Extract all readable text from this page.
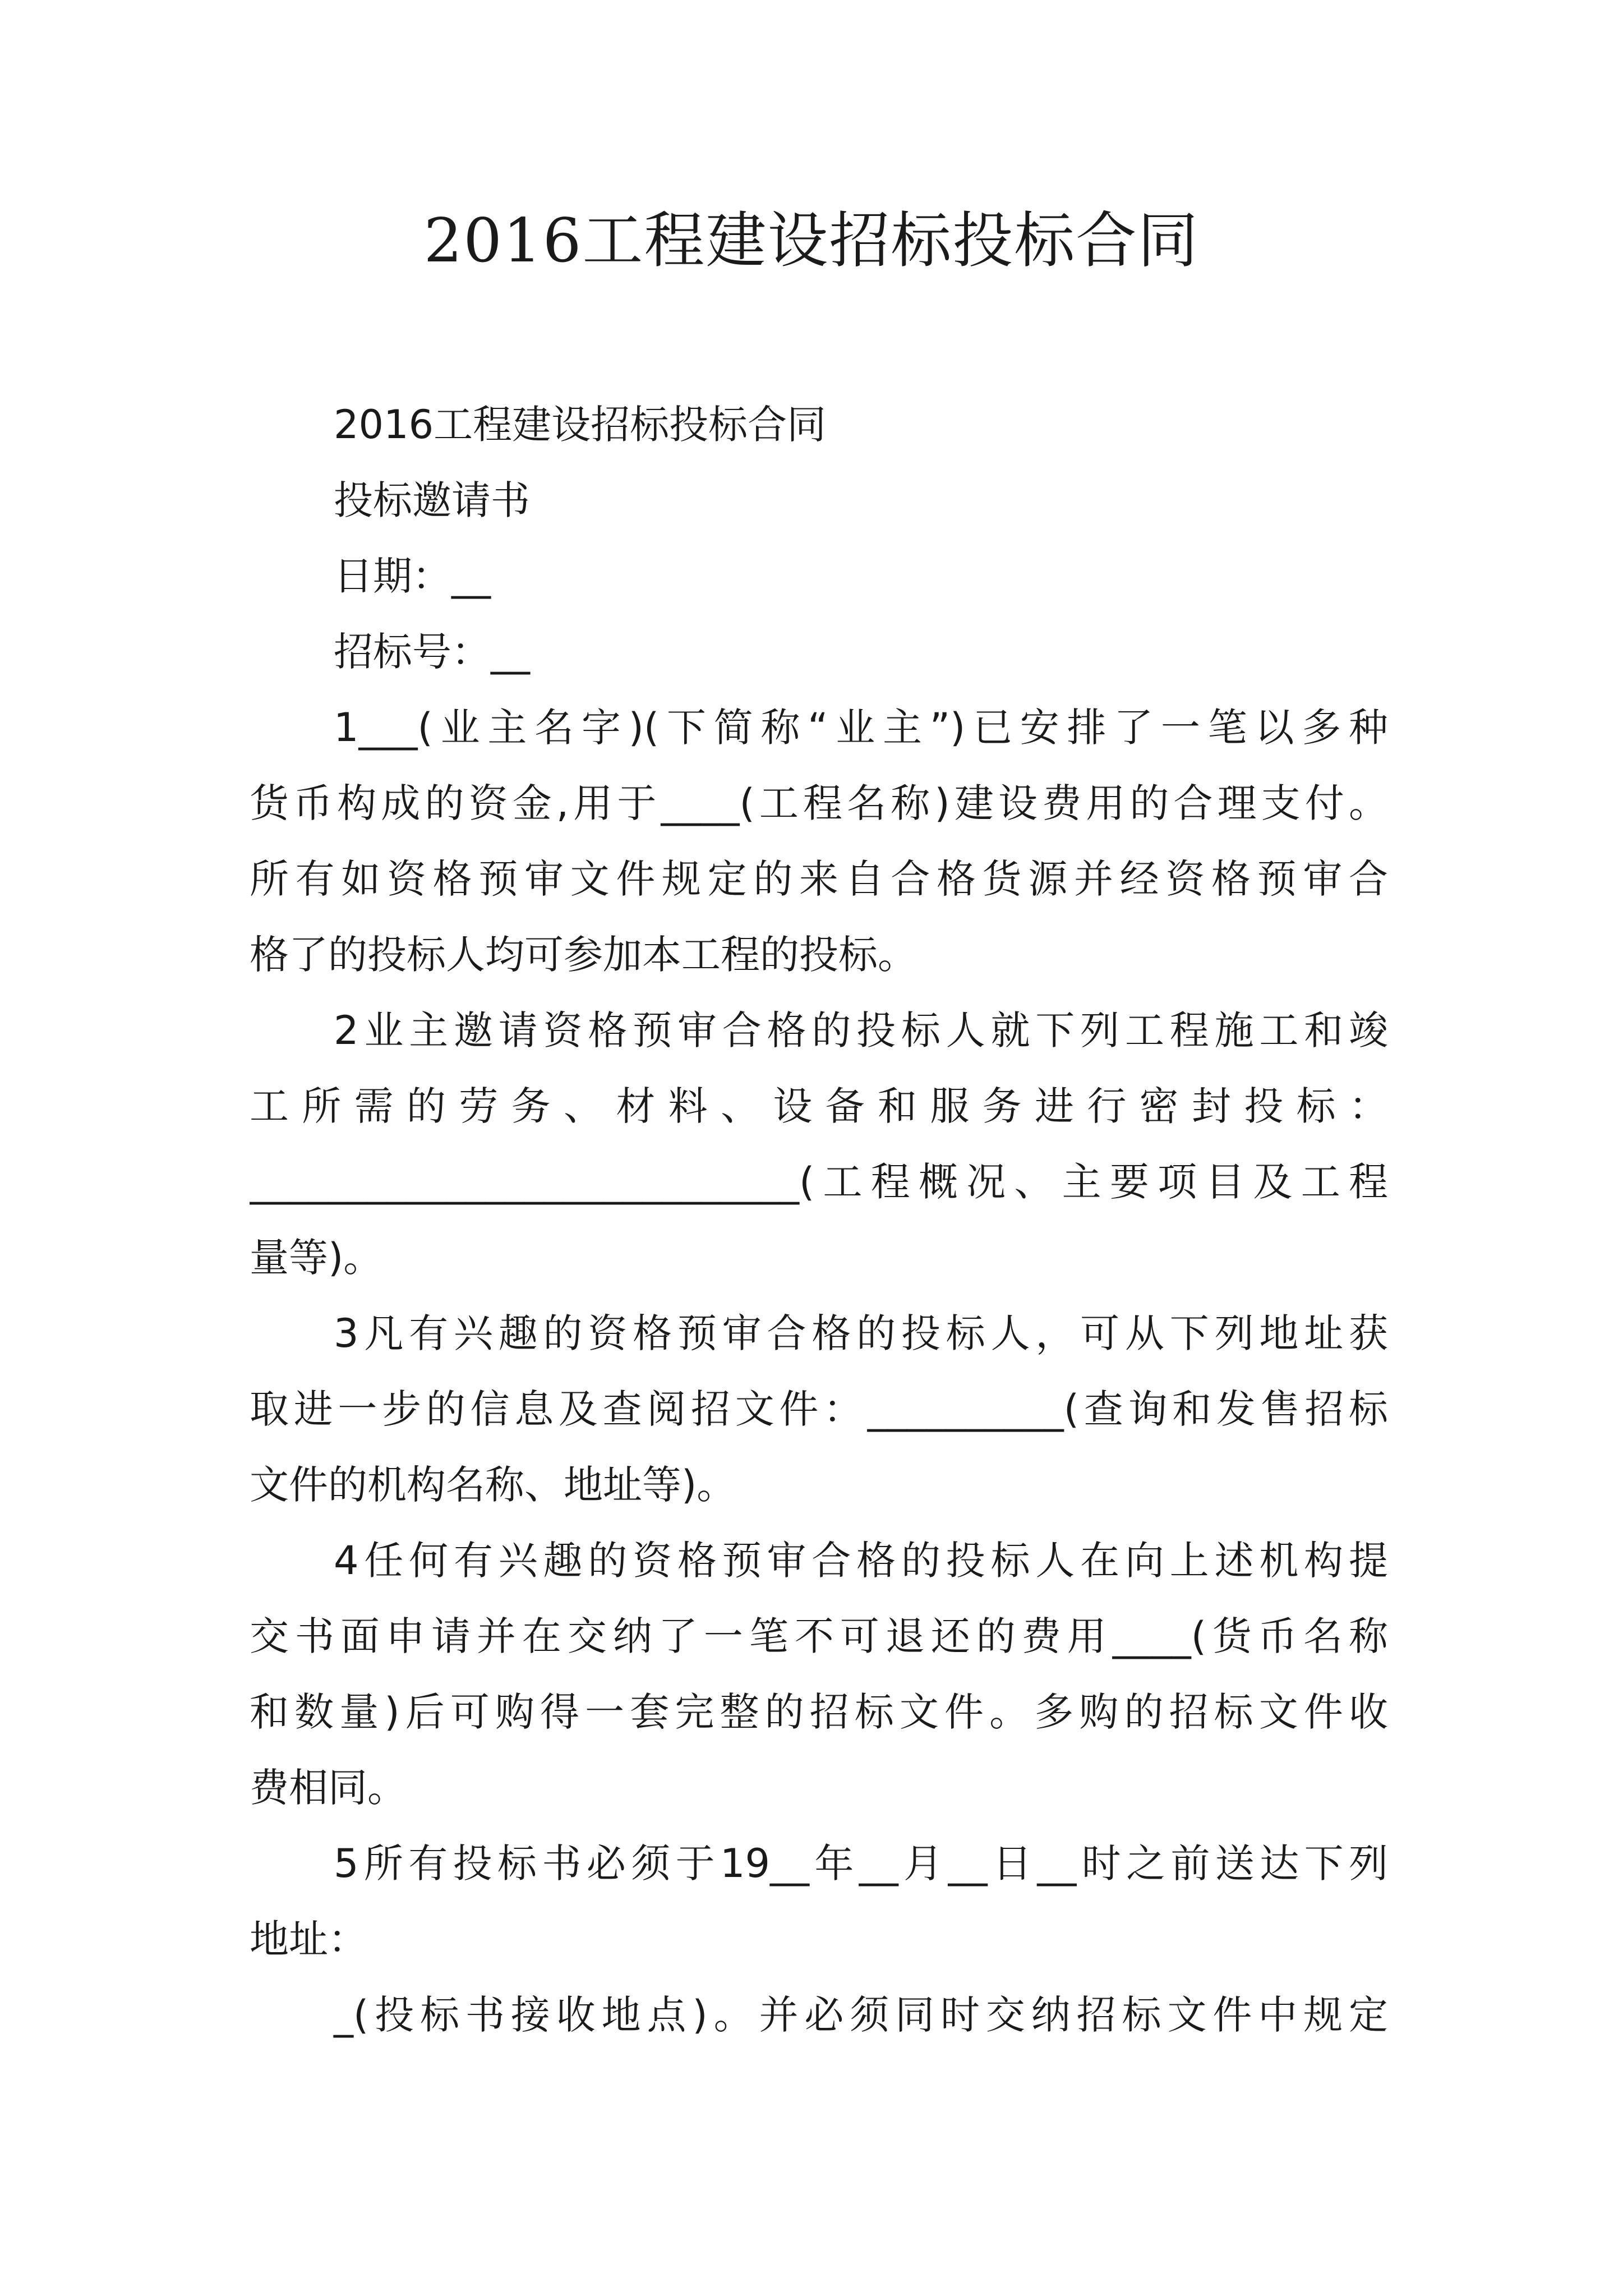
2016工程建设招标投标合同
2016工程建设招标投标合同
投标邀请书
日期：__
招标号：__
1___(业主名字)(下简称“业主”)已安排了一笔以多种
货币构成的资金,用于____(工程名称)建设费用的合理支付。
所有如资格预审文件规定的来自合格货源并经资格预审合
格了的投标人均可参加本工程的投标。
2业主邀请资格预审合格的投标人就下列工程施工和竣
工所需的劳务、材料、设备和服务进行密封投标：
____________________________(工程概况、主要项目及工程
量等)。
3凡有兴趣的资格预审合格的投标人，可从下列地址获
取进一步的信息及查阅招文件：__________(查询和发售招标
文件的机构名称、地址等)。
4任何有兴趣的资格预审合格的投标人在向上述机构提
交书面申请并在交纳了一笔不可退还的费用____(货币名称
和数量)后可购得一套完整的招标文件。多购的招标文件收
费相同。
5所有投标书必须于19__年__月__日__时之前送达下列
地址：
_(投标书接收地点)。并必须同时交纳招标文件中规定
